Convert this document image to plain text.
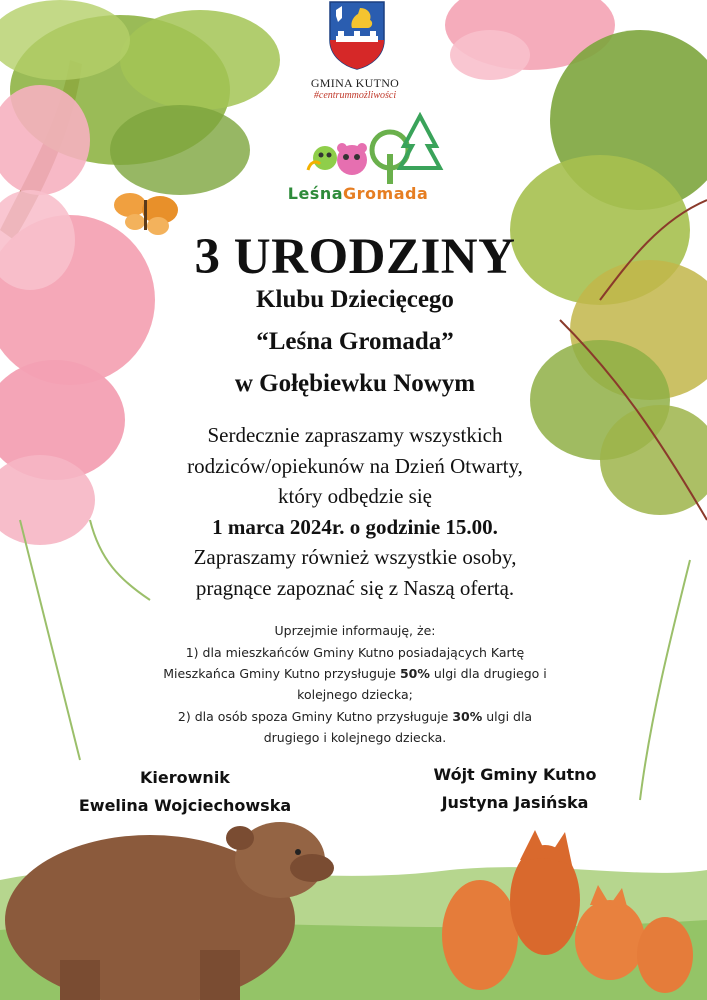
GMINA KUTNO
#centrummożliwości
LeśnaGromada
3 URODZINY
Klubu Dziecięcego
“Leśna Gromada”
w Gołębiewku Nowym
Serdecznie zapraszamy wszystkich
rodziców/opiekunów na Dzień Otwarty,
który odbędzie się
1 marca 2024r. o godzinie 15.00.
Zapraszamy również wszystkie osoby,
pragnące zapoznać się z Naszą ofertą.
Uprzejmie informauję, że:
1) dla mieszkańców Gminy Kutno posiadających Kartę
Mieszkańca Gminy Kutno przysługuje 50% ulgi dla drugiego i
kolejnego dziecka;
2) dla osób spoza Gminy Kutno przysługuje 30% ulgi dla
drugiego i kolejnego dziecka.
Kierownik
Ewelina Wojciechowska
Wójt Gminy Kutno
Justyna Jasińska
